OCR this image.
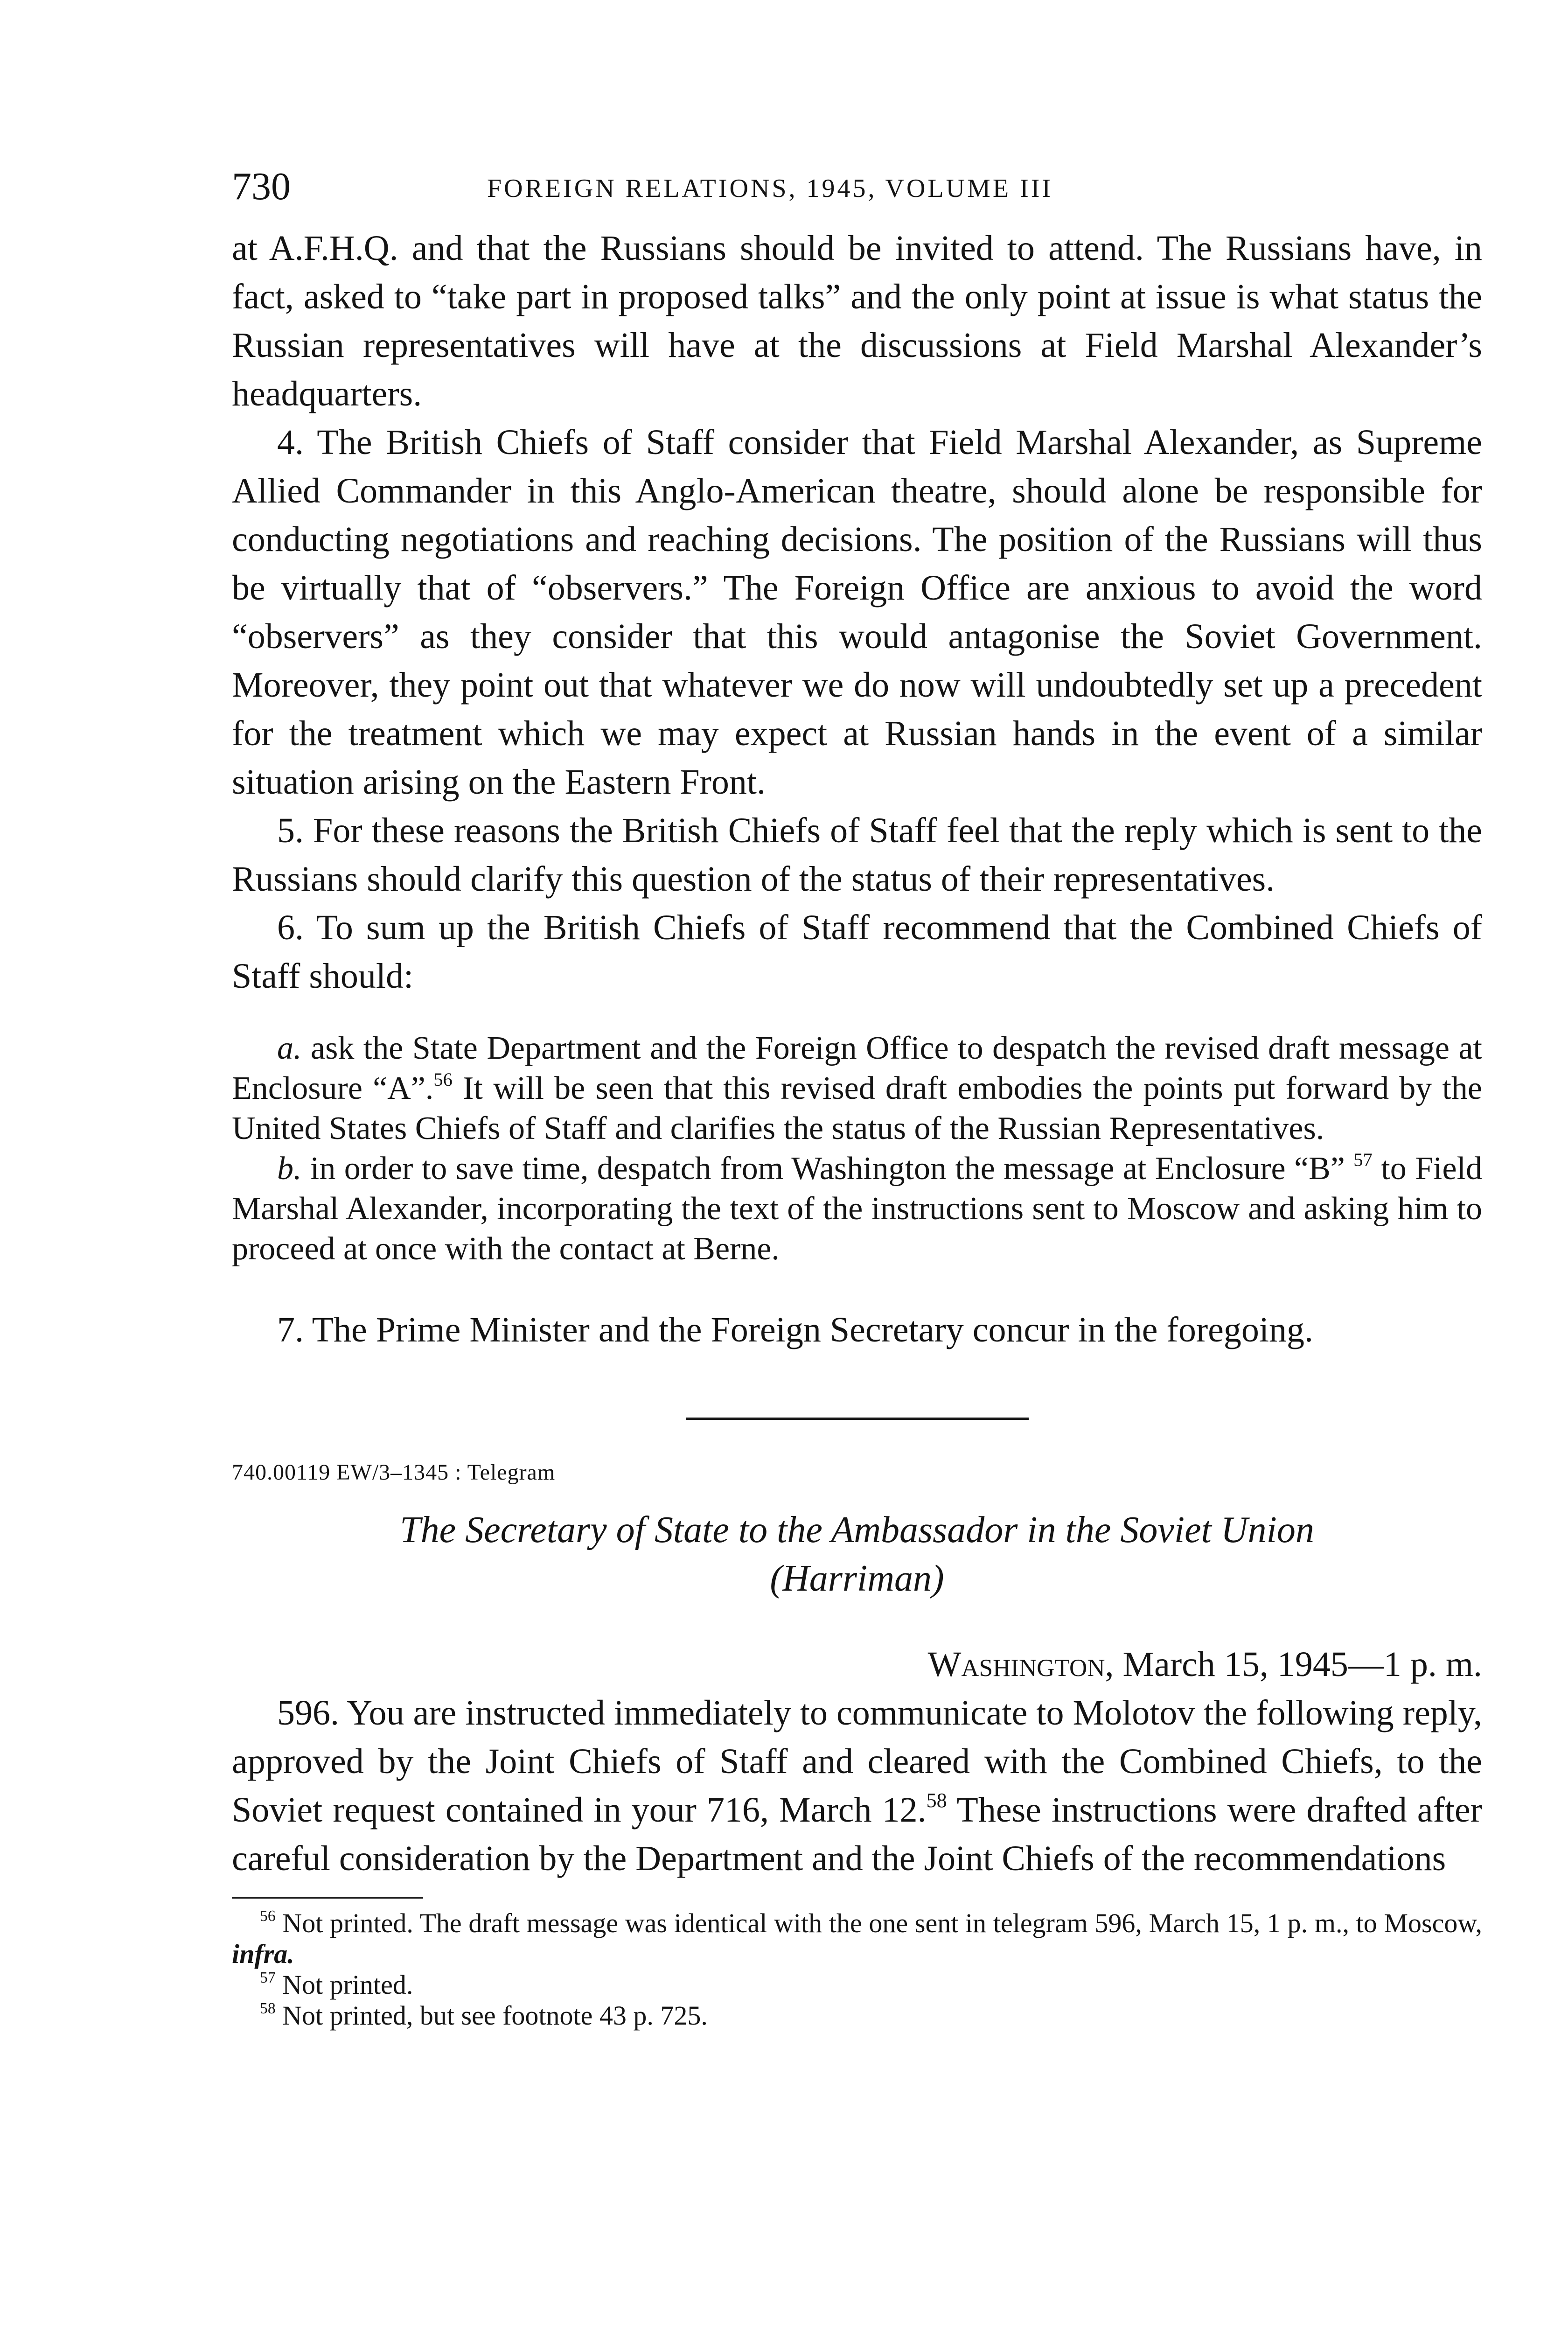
730	FOREIGN RELATIONS, 1945, VOLUME III

at A.F.H.Q. and that the Russians should be invited to attend. The Russians have, in fact, asked to “take part in proposed talks” and the only point at issue is what status the Russian representatives will have at the discussions at Field Marshal Alexander’s headquarters.

4. The British Chiefs of Staff consider that Field Marshal Alexander, as Supreme Allied Commander in this Anglo-American theatre, should alone be responsible for conducting negotiations and reaching decisions. The position of the Russians will thus be virtually that of “observers.” The Foreign Office are anxious to avoid the word “observers” as they consider that this would antagonise the Soviet Government. Moreover, they point out that whatever we do now will undoubtedly set up a precedent for the treatment which we may expect at Russian hands in the event of a similar situation arising on the Eastern Front.

5. For these reasons the British Chiefs of Staff feel that the reply which is sent to the Russians should clarify this question of the status of their representatives.

6. To sum up the British Chiefs of Staff recommend that the Combined Chiefs of Staff should:

a. ask the State Department and the Foreign Office to despatch the revised draft message at Enclosure “A”.$^{56}$ It will be seen that this revised draft embodies the points put forward by the United States Chiefs of Staff and clarifies the status of the Russian Representatives.

b. in order to save time, despatch from Washington the message at Enclosure “B” $^{57}$ to Field Marshal Alexander, incorporating the text of the instructions sent to Moscow and asking him to proceed at once with the contact at Berne.

7. The Prime Minister and the Foreign Secretary concur in the foregoing.

740.00119 EW/3–1345 : Telegram

The Secretary of State to the Ambassador in the Soviet Union
(Harriman)

Washington, March 15, 1945—1 p. m.

596. You are instructed immediately to communicate to Molotov the following reply, approved by the Joint Chiefs of Staff and cleared with the Combined Chiefs, to the Soviet request contained in your 716, March 12.58 These instructions were drafted after careful consideration by the Department and the Joint Chiefs of the recommendations

$^{56}$ Not printed. The draft message was identical with the one sent in telegram 596, March 15, 1 p. m., to Moscow, infra.

$^{57}$ Not printed.

$^{58}$ Not printed, but see footnote 43 p. 725.
